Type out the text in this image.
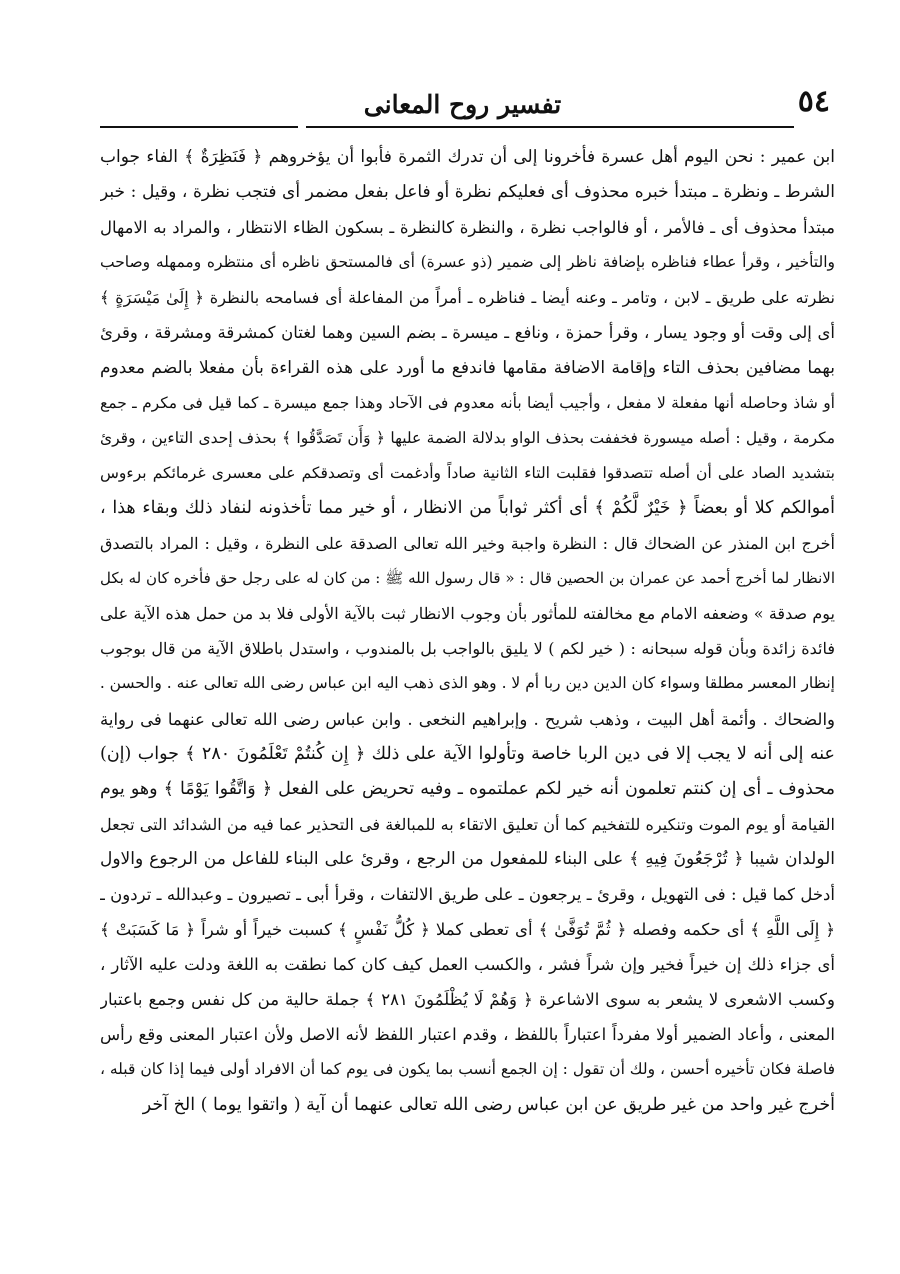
٥٤
تفسير روح المعانى
ابن عمير : نحن اليوم أهل عسرة فأخرونا إلى أن تدرك الثمرة فأبوا أن يؤخروهم ﴿ فَنَظِرَةٌ ﴾ الفاء جواب
الشرط ـ ونظرة ـ مبتدأ خبره محذوف أى فعليكم نظرة أو فاعل بفعل مضمر أى فتجب نظرة ، وقيل : خبر
مبتدأ محذوف أى ـ فالأمر ، أو فالواجب نظرة ، والنظرة كالنظرة ـ بسكون الظاء الانتظار ، والمراد به الامهال
والتأخير ، وقرأ عطاء فناظره بإضافة ناظر إلى ضمير (ذو عسرة) أى فالمستحق ناظره أى منتظره وممهله وصاحب
نظرته على طريق ـ لابن ، وتامر ـ وعنه أيضا ـ فناظره ـ أمراً من المفاعلة أى فسامحه بالنظرة ﴿ إِلَىٰ مَيْسَرَةٍ ﴾
أى إلى وقت أو وجود يسار ، وقرأ حمزة ، ونافع ـ ميسرة ـ بضم السين وهما لغتان كمشرقة ومشرقة ، وقرئ
بهما مضافين بحذف التاء وإقامة الاضافة مقامها فاندفع ما أورد على هذه القراءة بأن مفعلا بالضم معدوم
أو شاذ وحاصله أنها مفعلة لا مفعل ، وأجيب أيضا بأنه معدوم فى الآحاد وهذا جمع ميسرة ـ كما قيل فى مكرم ـ جمع
مكرمة ، وقيل : أصله ميسورة فخففت بحذف الواو بدلالة الضمة عليها ﴿ وَأَن تَصَدَّقُوا ﴾ بحذف إحدى التاءين ، وقرئ
بتشديد الصاد على أن أصله تتصدقوا فقلبت التاء الثانية صاداً وأدغمت أى وتصدقكم على معسرى غرمائكم برءوس
أموالكم كلا أو بعضاً ﴿ خَيْرٌ لَّكُمْ ﴾ أى أكثر ثواباً من الانظار ، أو خير مما تأخذونه لنفاد ذلك وبقاء هذا ،
أخرج ابن المنذر عن الضحاك قال : النظرة واجبة وخير الله تعالى الصدقة على النظرة ، وقيل : المراد بالتصدق
الانظار لما أخرج أحمد عن عمران بن الحصين قال : « قال رسول الله ﷺ : من كان له على رجل حق فأخره كان له بكل
يوم صدقة » وضعفه الامام مع مخالفته للمأثور بأن وجوب الانظار ثبت بالآية الأولى فلا بد من حمل هذه الآية على
فائدة زائدة وبأن قوله سبحانه : ( خير لكم ) لا يليق بالواجب بل بالمندوب ، واستدل باطلاق الآية من قال بوجوب
إنظار المعسر مطلقا وسواء كان الدين دين ربا أم لا . وهو الذى ذهب اليه ابن عباس رضى الله تعالى عنه . والحسن .
والضحاك . وأئمة أهل البيت ، وذهب شريح . وإبراهيم النخعى . وابن عباس رضى الله تعالى عنهما فى رواية
عنه إلى أنه لا يجب إلا فى دين الربا خاصة وتأولوا الآية على ذلك ﴿ إِن كُنتُمْ تَعْلَمُونَ ٢٨٠ ﴾ جواب (إن)
محذوف ـ أى إن كنتم تعلمون أنه خير لكم عملتموه ـ وفيه تحريض على الفعل ﴿ وَاتَّقُوا يَوْمًا ﴾ وهو يوم
القيامة أو يوم الموت وتنكيره للتفخيم كما أن تعليق الاتقاء به للمبالغة فى التحذير عما فيه من الشدائد التى تجعل
الولدان شيبا ﴿ تُرْجَعُونَ فِيهِ ﴾ على البناء للمفعول من الرجع ، وقرئ على البناء للفاعل من الرجوع والاول
أدخل كما قيل : فى التهويل ، وقرئ ـ يرجعون ـ على طريق الالتفات ، وقرأ أبى ـ تصيرون ـ وعبدالله ـ تردون ـ
﴿ إِلَى اللَّهِ ﴾ أى حكمه وفصله ﴿ ثُمَّ تُوَفَّىٰ ﴾ أى تعطى كملا ﴿ كُلُّ نَفْسٍ ﴾ كسبت خيراً أو شراً ﴿ مَا كَسَبَتْ ﴾
أى جزاء ذلك إن خيراً فخير وإن شراً فشر ، والكسب العمل كيف كان كما نطقت به اللغة ودلت عليه الآثار ،
وكسب الاشعرى لا يشعر به سوى الاشاعرة ﴿ وَهُمْ لَا يُظْلَمُونَ ٢٨١ ﴾ جملة حالية من كل نفس وجمع باعتبار
المعنى ، وأعاد الضمير أولا مفرداً اعتباراً باللفظ ، وقدم اعتبار اللفظ لأنه الاصل ولأن اعتبار المعنى وقع رأس
فاصلة فكان تأخيره أحسن ، ولك أن تقول : إن الجمع أنسب بما يكون فى يوم كما أن الافراد أولى فيما إذا كان قبله ،
أخرج غير واحد من غير طريق عن ابن عباس رضى الله تعالى عنهما أن آية ( واتقوا يوما ) الخ آخر
